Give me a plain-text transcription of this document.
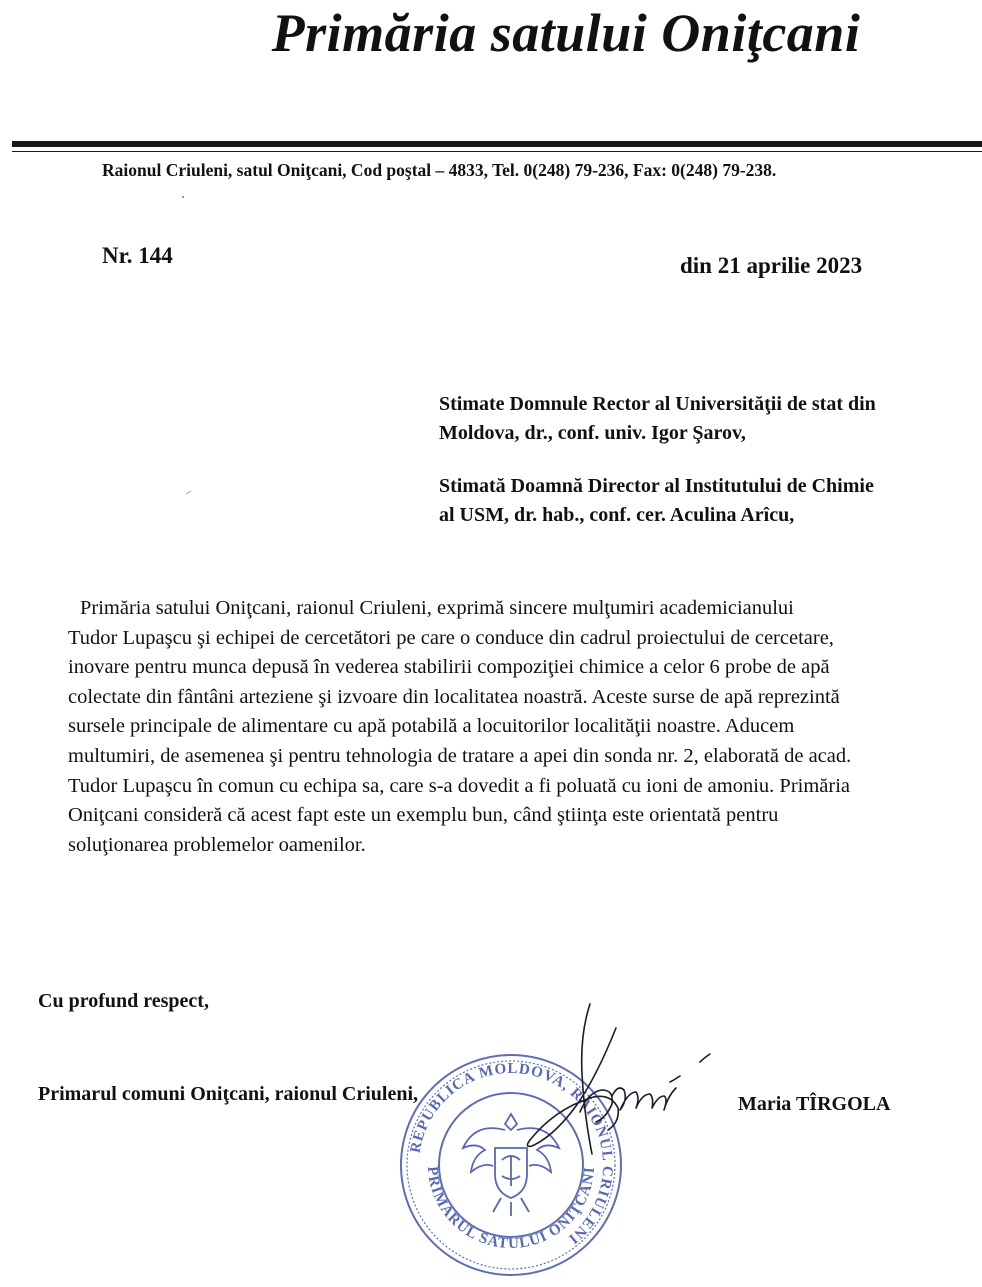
Primăria satului Oniţcani
Raionul Criuleni, satul Oniţcani, Cod poştal – 4833, Tel. 0(248) 79-236, Fax: 0(248) 79-238.
Nr. 144	din 21 aprilie 2023
Stimate Domnule Rector al Universităţii de stat din
Moldova, dr., conf. univ. Igor Şarov,
Stimată Doamnă Director al Institutului de Chimie
al USM, dr. hab., conf. cer. Aculina Arîcu,
Primăria satului Oniţcani, raionul Criuleni, exprimă sincere mulţumiri academicianului
Tudor Lupaşcu şi echipei de cercetători pe care o conduce din cadrul proiectului de cercetare,
inovare pentru munca depusă în vederea stabilirii compoziţiei chimice a celor 6 probe de apă
colectate din fântâni arteziene şi izvoare din localitatea noastră. Aceste surse de apă reprezintă
sursele principale de alimentare cu apă potabilă a locuitorilor localităţii noastre. Aducem
multumiri, de asemenea şi pentru tehnologia de tratare a apei din sonda nr. 2, elaborată de acad.
Tudor Lupaşcu în comun cu echipa sa, care s-a dovedit a fi poluată cu ioni de amoniu. Primăria
Oniţcani consideră că acest fapt este un exemplu bun, când ştiinţa este orientată pentru
soluţionarea problemelor oamenilor.
Cu profund respect,
Primarul comuni Oniţcani, raionul Criuleni,	Maria TÎRGOLA
REPUBLICA MOLDOVA, RAIONUL CRIULENI
PRIMARUL SATULUI ONIŢCANI
